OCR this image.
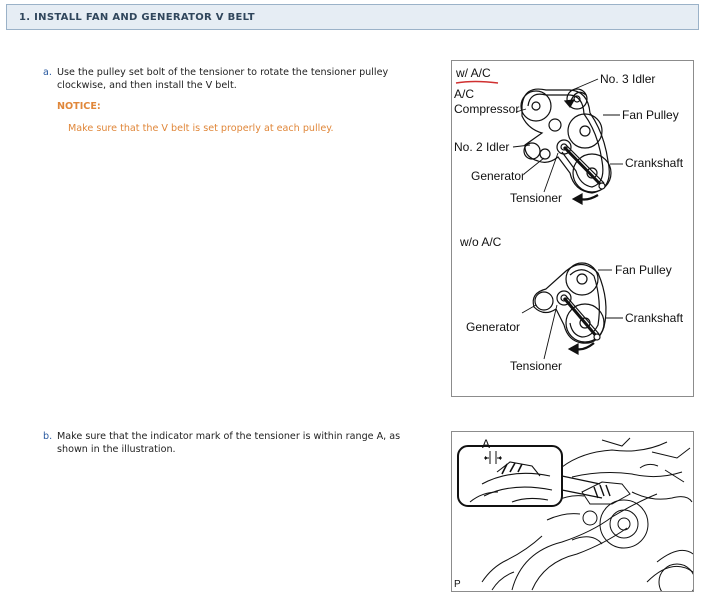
1. INSTALL FAN AND GENERATOR V BELT
a. Use the pulley set bolt of the tensioner to rotate the tensioner pulley
clockwise, and then install the V belt.
NOTICE:
Make sure that the V belt is set properly at each pulley.
b. Make sure that the indicator mark of the tensioner is within range A, as
shown in the illustration.
w/ A/C
A/C
Compressor
No. 3 Idler
Fan Pulley
No. 2 Idler
Crankshaft
Generator
Tensioner
w/o A/C
Fan Pulley
Generator
Crankshaft
Tensioner
A
P
